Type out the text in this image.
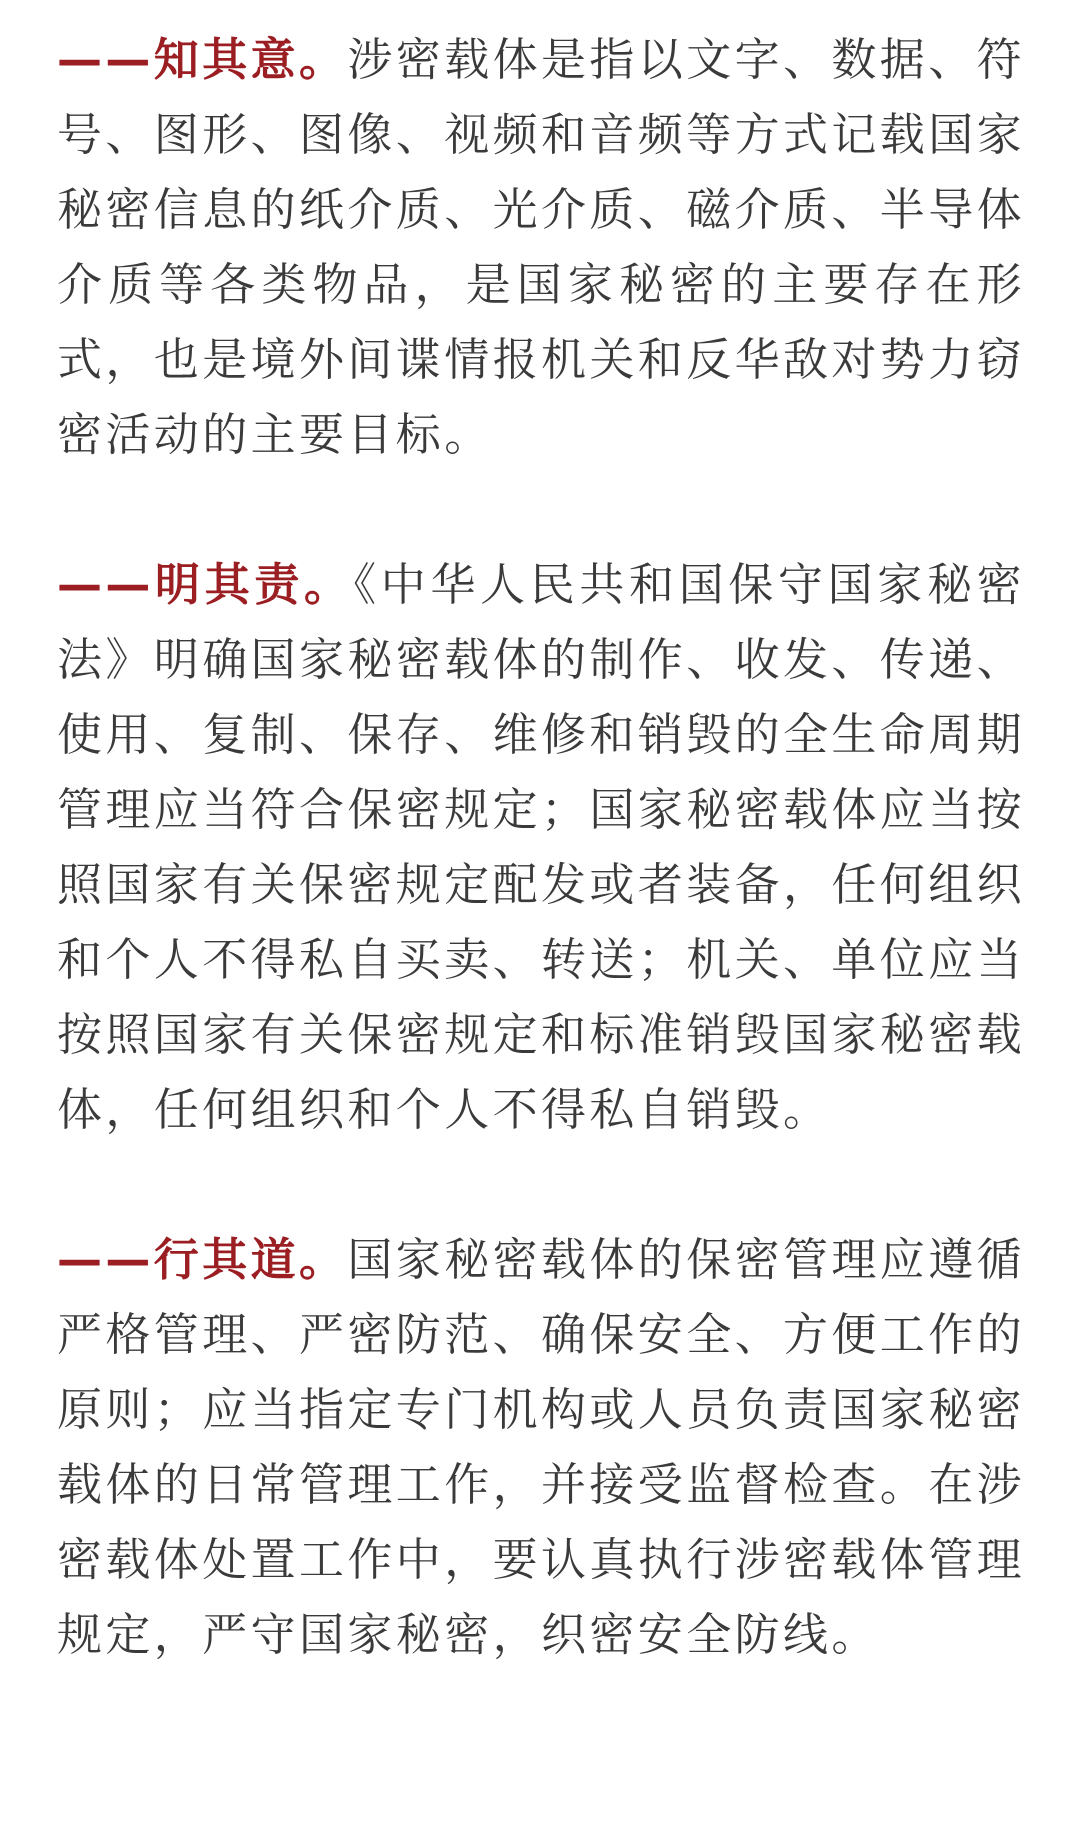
——知其意。涉密载体是指以文字、数据、符号、图形、图像、视频和音频等方式记载国家秘密信息的纸介质、光介质、磁介质、半导体介质等各类物品，是国家秘密的主要存在形式，也是境外间谍情报机关和反华敌对势力窃密活动的主要目标。

——明其责。《中华人民共和国保守国家秘密法》明确国家秘密载体的制作、收发、传递、使用、复制、保存、维修和销毁的全生命周期管理应当符合保密规定；国家秘密载体应当按照国家有关保密规定配发或者装备，任何组织和个人不得私自买卖、转送；机关、单位应当按照国家有关保密规定和标准销毁国家秘密载体，任何组织和个人不得私自销毁。

——行其道。国家秘密载体的保密管理应遵循严格管理、严密防范、确保安全、方便工作的原则；应当指定专门机构或人员负责国家秘密载体的日常管理工作，并接受监督检查。在涉密载体处置工作中，要认真执行涉密载体管理规定，严守国家秘密，织密安全防线。
